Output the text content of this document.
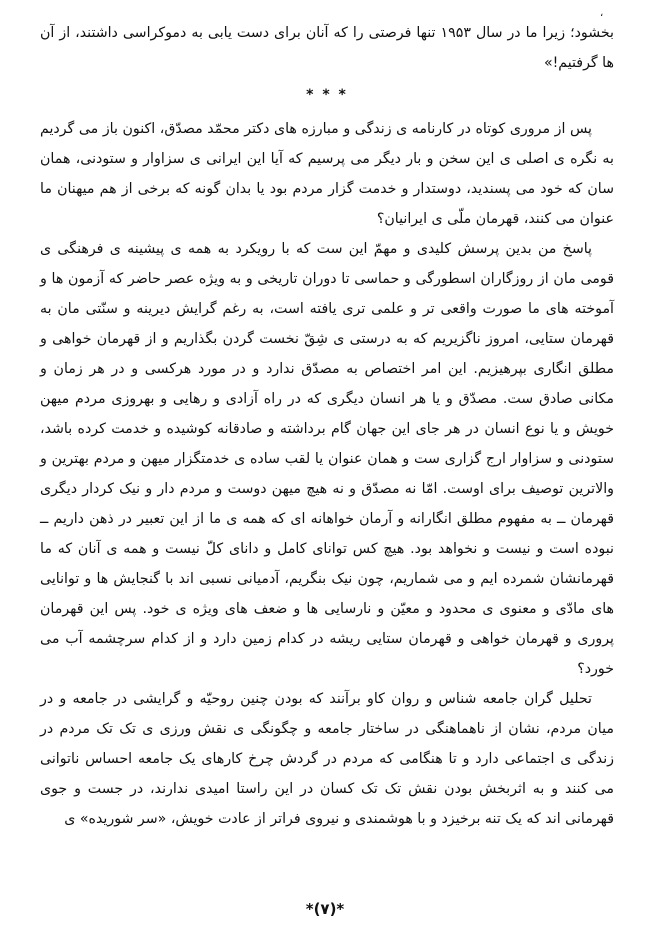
بخشود؛ زیرا ما در سال ۱۹۵۳ تنها فرصتی را که آنان برای دست یابی به دموکراسی داشتند، از آن ها گرفتیم!»

* * *

پس از مروری کوتاه در کارنامه ی زندگی و مبارزه های دکتر محمّد مصدّق، اکنون باز می گردیم به نگره ی اصلی ی این سخن و بار دیگر می پرسیم که آیا این ایرانی ی سزاوار و ستودنی، همان سان که خود می پسندید، دوستدار و خدمت گزار مردم بود یا بدان گونه که برخی از هم میهنان ما عنوان می کنند، قهرمان ملّی ی ایرانیان؟

پاسخ من بدین پرسش کلیدی و مهمّ این ست که با رویکرد به همه ی پیشینه ی فرهنگی ی قومی مان از روزگاران اسطورگی و حماسی تا دوران تاریخی و به ویژه عصر حاضر که آزمون ها و آموخته های ما صورت واقعی تر و علمی تری یافته است، به رغم گرایش دیرینه و سنّتی مان به قهرمان ستایی، امروز ناگزیریم که به درستی ی شِقّ نخست گردن بگذاریم و از قهرمان خواهی و مطلق انگاری بپرهیزیم. این امر اختصاص به مصدّق ندارد و در مورد هرکسی و در هر زمان و مکانی صادق ست. مصدّق و یا هر انسان دیگری که در راه آزادی و رهایی و بهروزی مردم میهن خویش و یا نوع انسان در هر جای این جهان گام برداشته و صادقانه کوشیده و خدمت کرده باشد، ستودنی و سزاوار ارج گزاری ست و همان عنوان یا لقب ساده ی خدمتگزار میهن و مردم بهترین و والاترین توصیف برای اوست. امّا نه مصدّق و نه هیچ میهن دوست و مردم دار و نیک کردار دیگری قهرمان ــ به مفهوم مطلق انگارانه و آرمان خواهانه ای که همه ی ما از این تعبیر در ذهن داریم ــ نبوده است و نیست و نخواهد بود. هیچ کس توانای کامل و دانای کلّ نیست و همه ی آنان که ما قهرمانشان شمرده ایم و می شماریم، چون نیک بنگریم، آدمیانی نسبی اند با گنجایش ها و توانایی های مادّی و معنوی ی محدود و معیّن و نارسایی ها و ضعف های ویژه ی خود. پس این قهرمان پروری و قهرمان خواهی و قهرمان ستایی ریشه در کدام زمین دارد و از کدام سرچشمه آب می خورد؟

تحلیل گران جامعه شناس و روان کاو برآنند که بودن چنین روحیّه و گرایشی در جامعه و در میان مردم، نشان از ناهماهنگی در ساختار جامعه و چگونگی ی نقش ورزی ی تک تک مردم در زندگی ی اجتماعی دارد و تا هنگامی که مردم در گردش چرخ کارهای یک جامعه احساس ناتوانی می کنند و به اثربخش بودن نقش تک تک کسان در این راستا امیدی ندارند، در جست و جوی قهرمانی اند که یک تنه برخیزد و با هوشمندی و نیروی فراتر از عادت خویش، «سر شوریده» ی

،
*(۷)*
